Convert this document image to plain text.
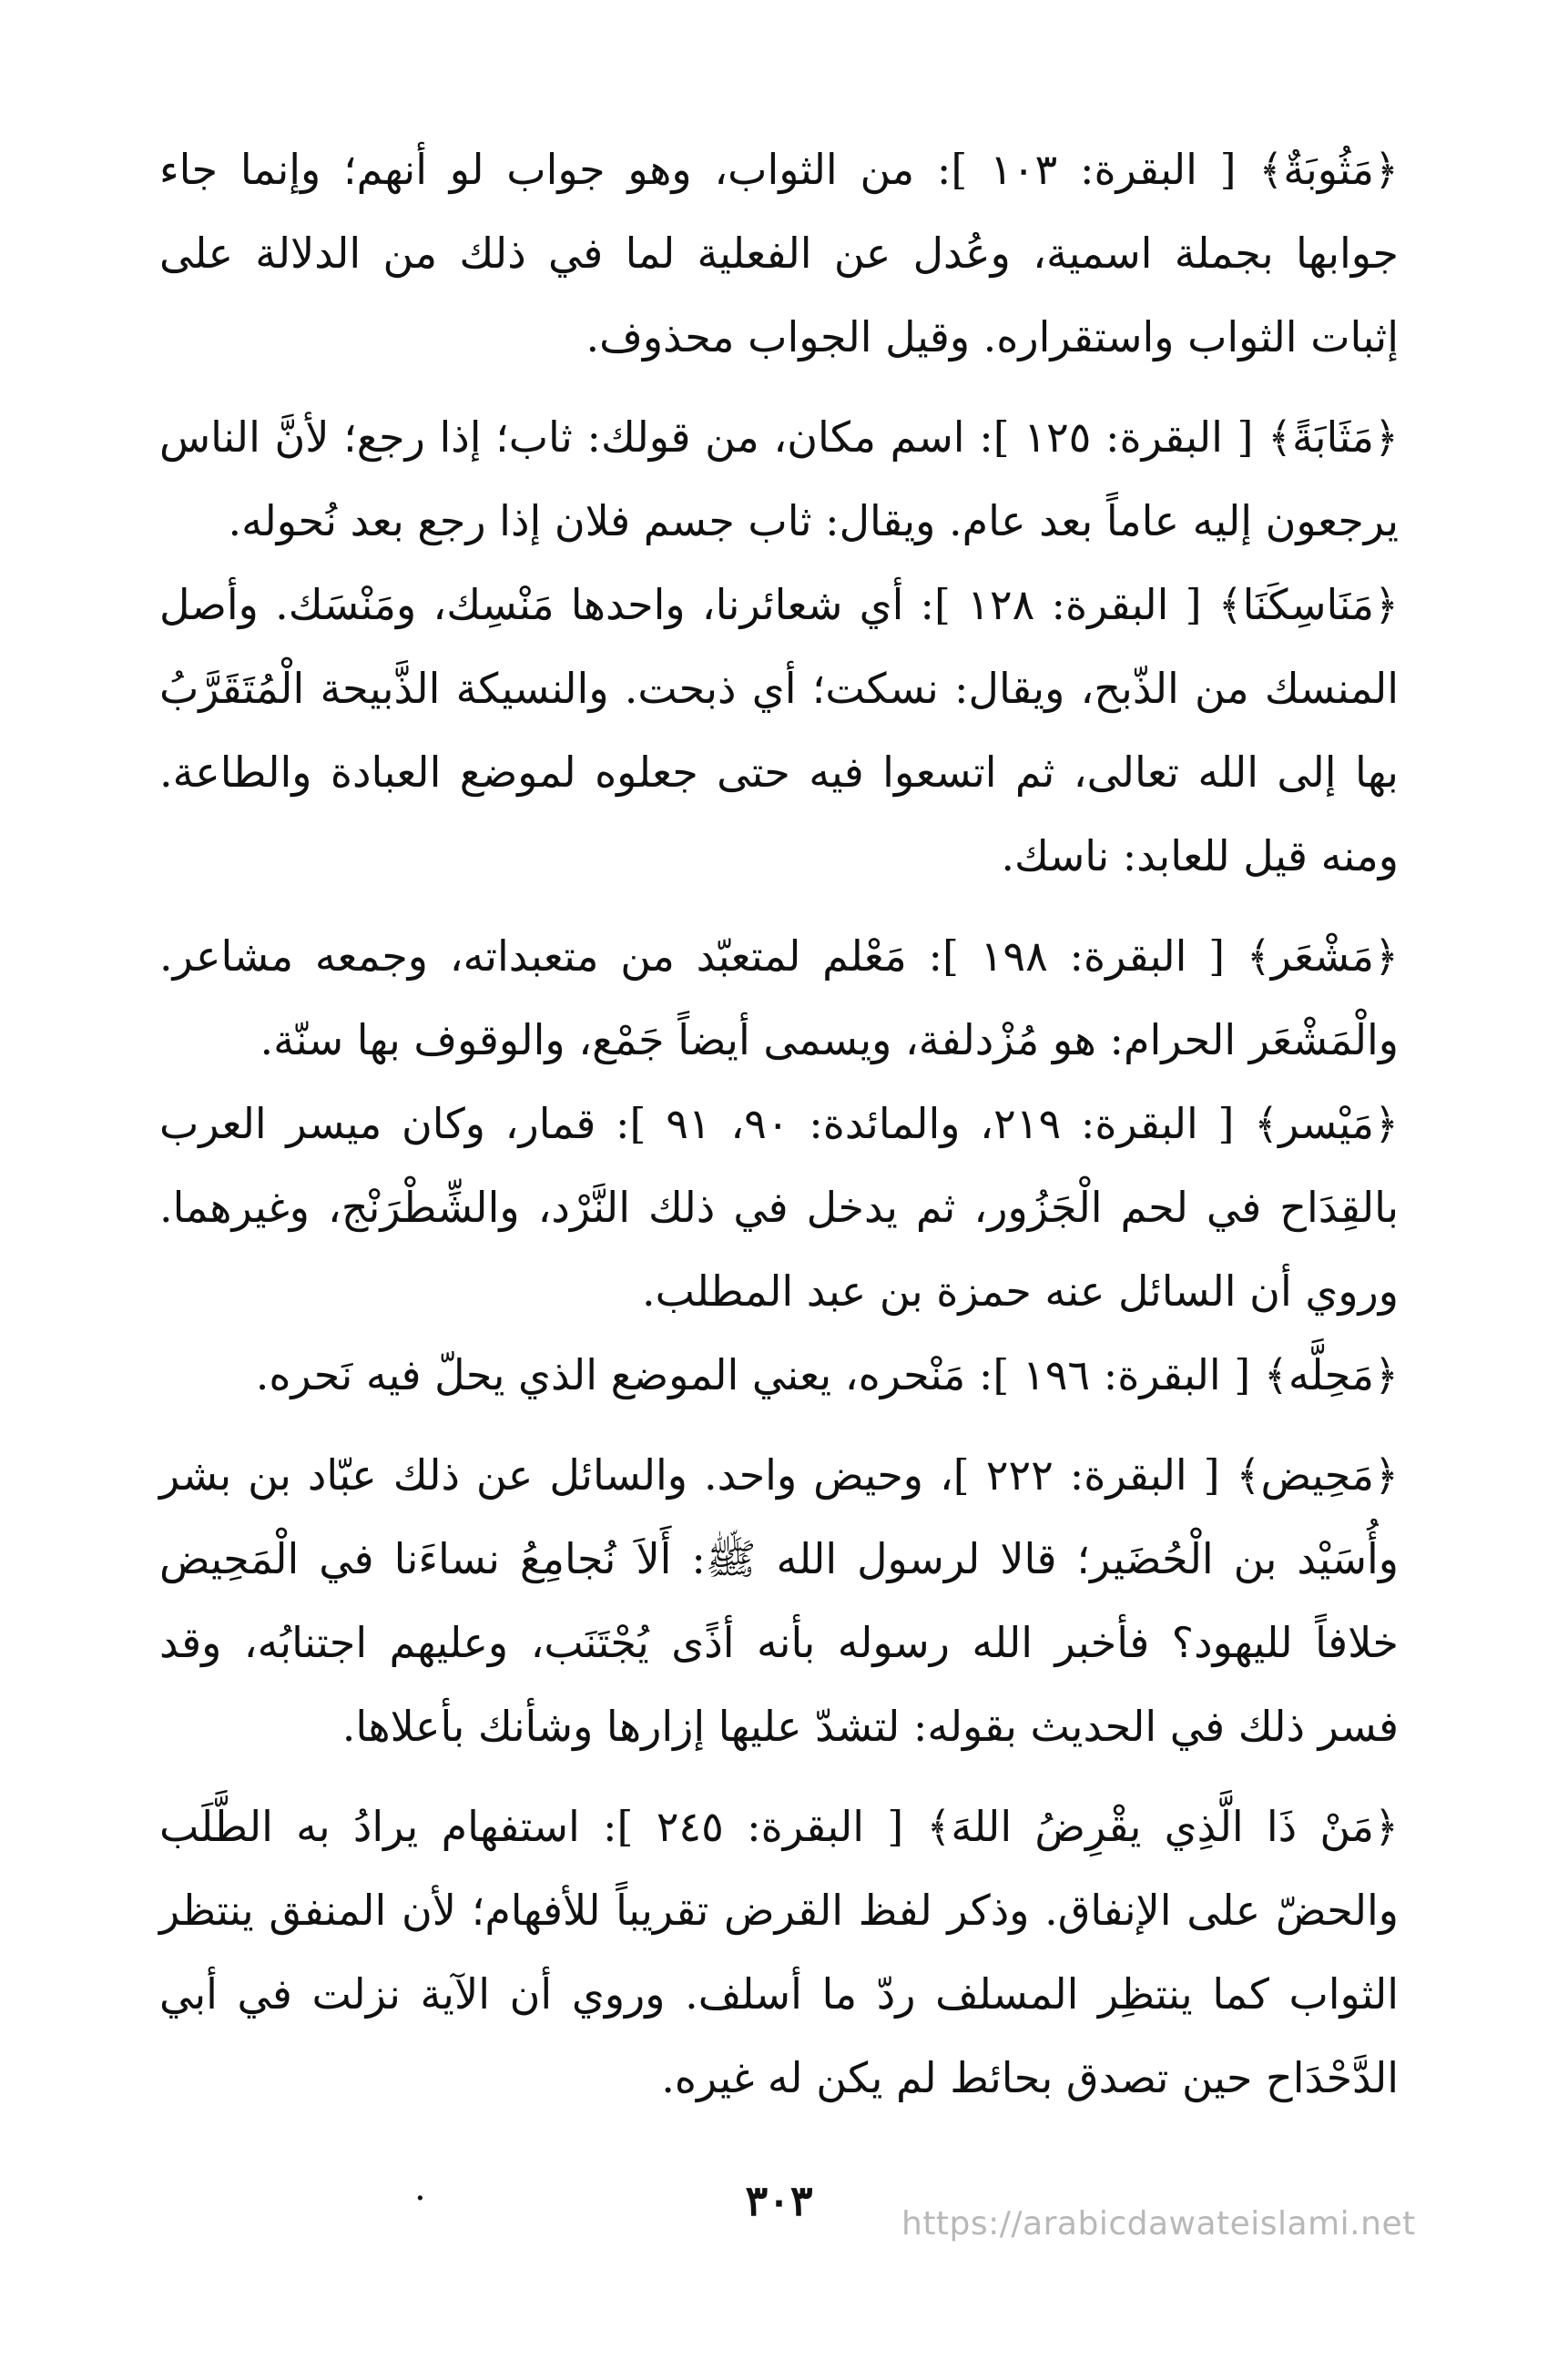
﴿مَثُوبَةٌ﴾ [ البقرة: ١٠٣ ]: من الثواب، وهو جواب لو أنهم؛ وإنما جاء جوابها بجملة اسمية، وعُدل عن الفعلية لما في ذلك من الدلالة على إثبات الثواب واستقراره. وقيل الجواب محذوف.

﴿مَثَابَةً﴾ [ البقرة: ١٢٥ ]: اسم مكان، من قولك: ثاب؛ إذا رجع؛ لأنَّ الناس يرجعون إليه عاماً بعد عام. ويقال: ثاب جسم فلان إذا رجع بعد نُحوله.

﴿مَنَاسِكَنَا﴾ [ البقرة: ١٢٨ ]: أي شعائرنا، واحدها مَنْسِك، ومَنْسَك. وأصل المنسك من الذّبح، ويقال: نسكت؛ أي ذبحت. والنسيكة الذَّبيحة الْمُتَقَرَّبُ بها إلى الله تعالى، ثم اتسعوا فيه حتى جعلوه لموضع العبادة والطاعة. ومنه قيل للعابد: ناسك.

﴿مَشْعَر﴾ [ البقرة: ١٩٨ ]: مَعْلم لمتعبّد من متعبداته، وجمعه مشاعر. والْمَشْعَر الحرام: هو مُزْدلفة، ويسمى أيضاً جَمْع، والوقوف بها سنّة.

﴿مَيْسر﴾ [ البقرة: ٢١٩، والمائدة: ٩٠، ٩١ ]: قمار، وكان ميسر العرب بالقِدَاح في لحم الْجَزُور، ثم يدخل في ذلك النَّرْد، والشِّطْرَنْج، وغيرهما. وروي أن السائل عنه حمزة بن عبد المطلب.

﴿مَحِلَّه﴾ [ البقرة: ١٩٦ ]: مَنْحره، يعني الموضع الذي يحلّ فيه نَحره.

﴿مَحِيض﴾ [ البقرة: ٢٢٢ ]، وحيض واحد. والسائل عن ذلك عبّاد بن بشر وأُسَيْد بن الْحُضَير؛ قالا لرسول الله ﷺ: أَلاَ نُجامِعُ نساءَنا في الْمَحِيض خلافاً لليهود؟ فأخبر الله رسوله بأنه أذًى يُجْتَنَب، وعليهم اجتنابُه، وقد فسر ذلك في الحديث بقوله: لتشدّ عليها إزارها وشأنك بأعلاها.

﴿مَنْ ذَا الَّذِي يقْرِضُ اللهَ﴾ [ البقرة: ٢٤٥ ]: استفهام يرادُ به الطَّلَب والحضّ على الإنفاق. وذكر لفظ القرض تقريباً للأفهام؛ لأن المنفق ينتظر الثواب كما ينتظِر المسلف ردّ ما أسلف. وروي أن الآية نزلت في أبي الدَّحْدَاح حين تصدق بحائط لم يكن له غيره.

.	٣٠٣	https://arabicdawateislami.net
